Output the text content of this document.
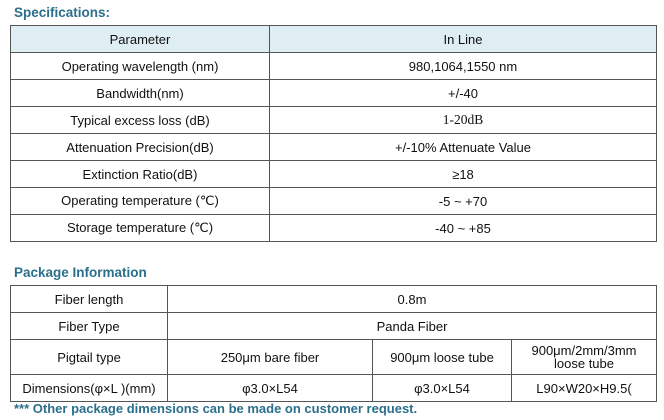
Specifications:
Parameter	In Line
Operating wavelength (nm)	980,1064,1550 nm
Bandwidth(nm)	+/-40
Typical excess loss (dB)	1-20dB
Attenuation Precision(dB)	+/-10% Attenuate Value
Extinction Ratio(dB)	≥18
Operating temperature (℃)	-5 ~ +70
Storage temperature (℃)	-40 ~ +85
Package Information
Fiber length	0.8m		
Fiber Type	Panda Fiber		
Pigtail type	250μm bare fiber	900μm loose tube	900μm/2mm/3mm
loose tube
Dimensions(φ×L )(mm)	φ3.0×L54	φ3.0×L54	L90×W20×H9.5(
*** Other package dimensions can be made on customer request.
